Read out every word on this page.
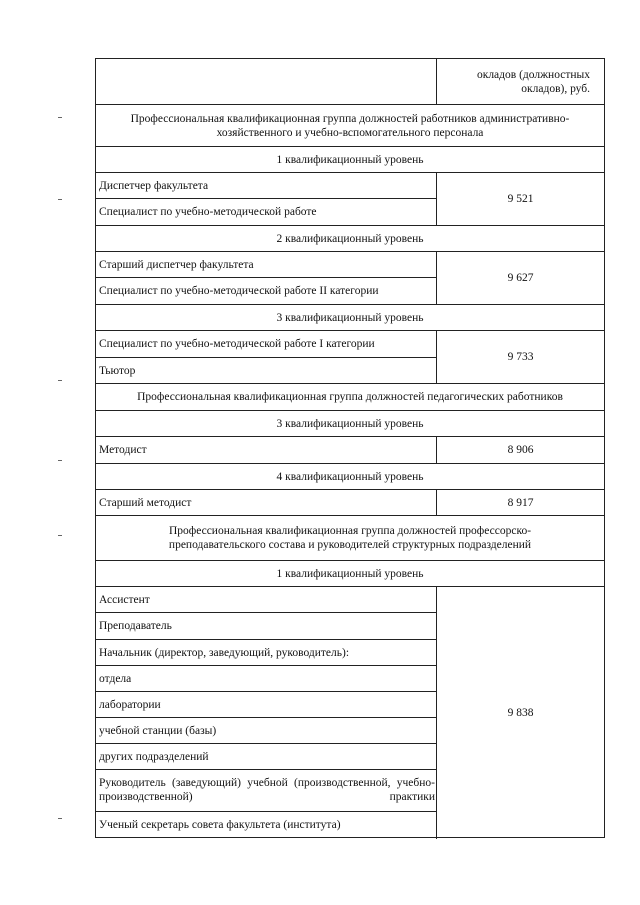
окладов (должностных окладов), руб.
Профессиональная квалификационная группа должностей работников административно-хозяйственного и учебно-вспомогательного персонала
1 квалификационный уровень
Диспетчер факультета
Специалист по учебно-методической работе
9 521
2 квалификационный уровень
Старший диспетчер факультета
Специалист по учебно-методической работе II категории
9 627
3 квалификационный уровень
Специалист по учебно-методической работе I категории
Тьютор
9 733
Профессиональная квалификационная группа должностей педагогических работников
3 квалификационный уровень
Методист	8 906
4 квалификационный уровень
Старший методист	8 917
Профессиональная квалификационная группа должностей профессорско-преподавательского состава и руководителей структурных подразделений
1 квалификационный уровень
Ассистент
Преподаватель
Начальник (директор, заведующий, руководитель):
отдела
лаборатории
учебной станции (базы)
других подразделений
Руководитель (заведующий) учебной (производственной, учебно-производственной) практики
Ученый секретарь совета факультета (института)
9 838
